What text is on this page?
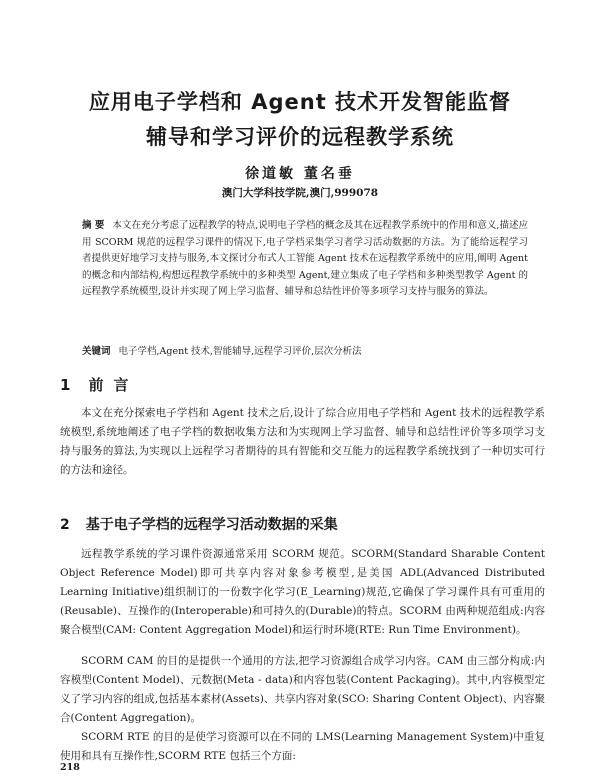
应用电子学档和 Agent 技术开发智能监督
辅导和学习评价的远程教学系统
徐道敏 董名垂
澳门大学科技学院,澳门,999078
摘 要 本文在充分考虑了远程教学的特点,说明电子学档的概念及其在远程教学系统中的作用和意义,描述应用 SCORM 规范的远程学习课件的情况下,电子学档采集学习者学习活动数据的方法。为了能给远程学习者提供更好地学习支持与服务,本文探讨分布式人工智能 Agent 技术在远程教学系统中的应用,阐明 Agent 的概念和内部结构,构想远程教学系统中的多种类型 Agent,建立集成了电子学档和多种类型教学 Agent 的远程教学系统模型,设计并实现了网上学习监督、辅导和总结性评价等多项学习支持与服务的算法。
关键词 电子学档,Agent 技术,智能辅导,远程学习评价,层次分析法
1 前言

本文在充分探索电子学档和 Agent 技术之后,设计了综合应用电子学档和 Agent 技术的远程教学系统模型,系统地阐述了电子学档的数据收集方法和为实现网上学习监督、辅导和总结性评价等多项学习支持与服务的算法,为实现以上远程学习者期待的具有智能和交互能力的远程教学系统找到了一种切实可行的方法和途径。

2 基于电子学档的远程学习活动数据的采集

远程教学系统的学习课件资源通常采用 SCORM 规范。SCORM(Standard Sharable Content Object Reference Model)即可共享内容对象参考模型,是美国 ADL(Advanced Distributed Learning Initiative)组织制订的一份数字化学习(E_Learning)规范,它确保了学习课件具有可重用的(Reusable)、互操作的(Interoperable)和可持久的(Durable)的特点。SCORM 由两种规范组成:内容聚合模型(CAM: Content Aggregation Model)和运行时环境(RTE: Run Time Environment)。

SCORM CAM 的目的是提供一个通用的方法,把学习资源组合成学习内容。CAM 由三部分构成:内容模型(Content Model)、元数据(Meta - data)和内容包装(Content Packaging)。其中,内容模型定义了学习内容的组成,包括基本素材(Assets)、共享内容对象(SCO: Sharing Content Object)、内容聚合(Content Aggregation)。

SCORM RTE 的目的是使学习资源可以在不同的 LMS(Learning Management System)中重复使用和具有互操作性,SCORM RTE 包括三个方面:

218
